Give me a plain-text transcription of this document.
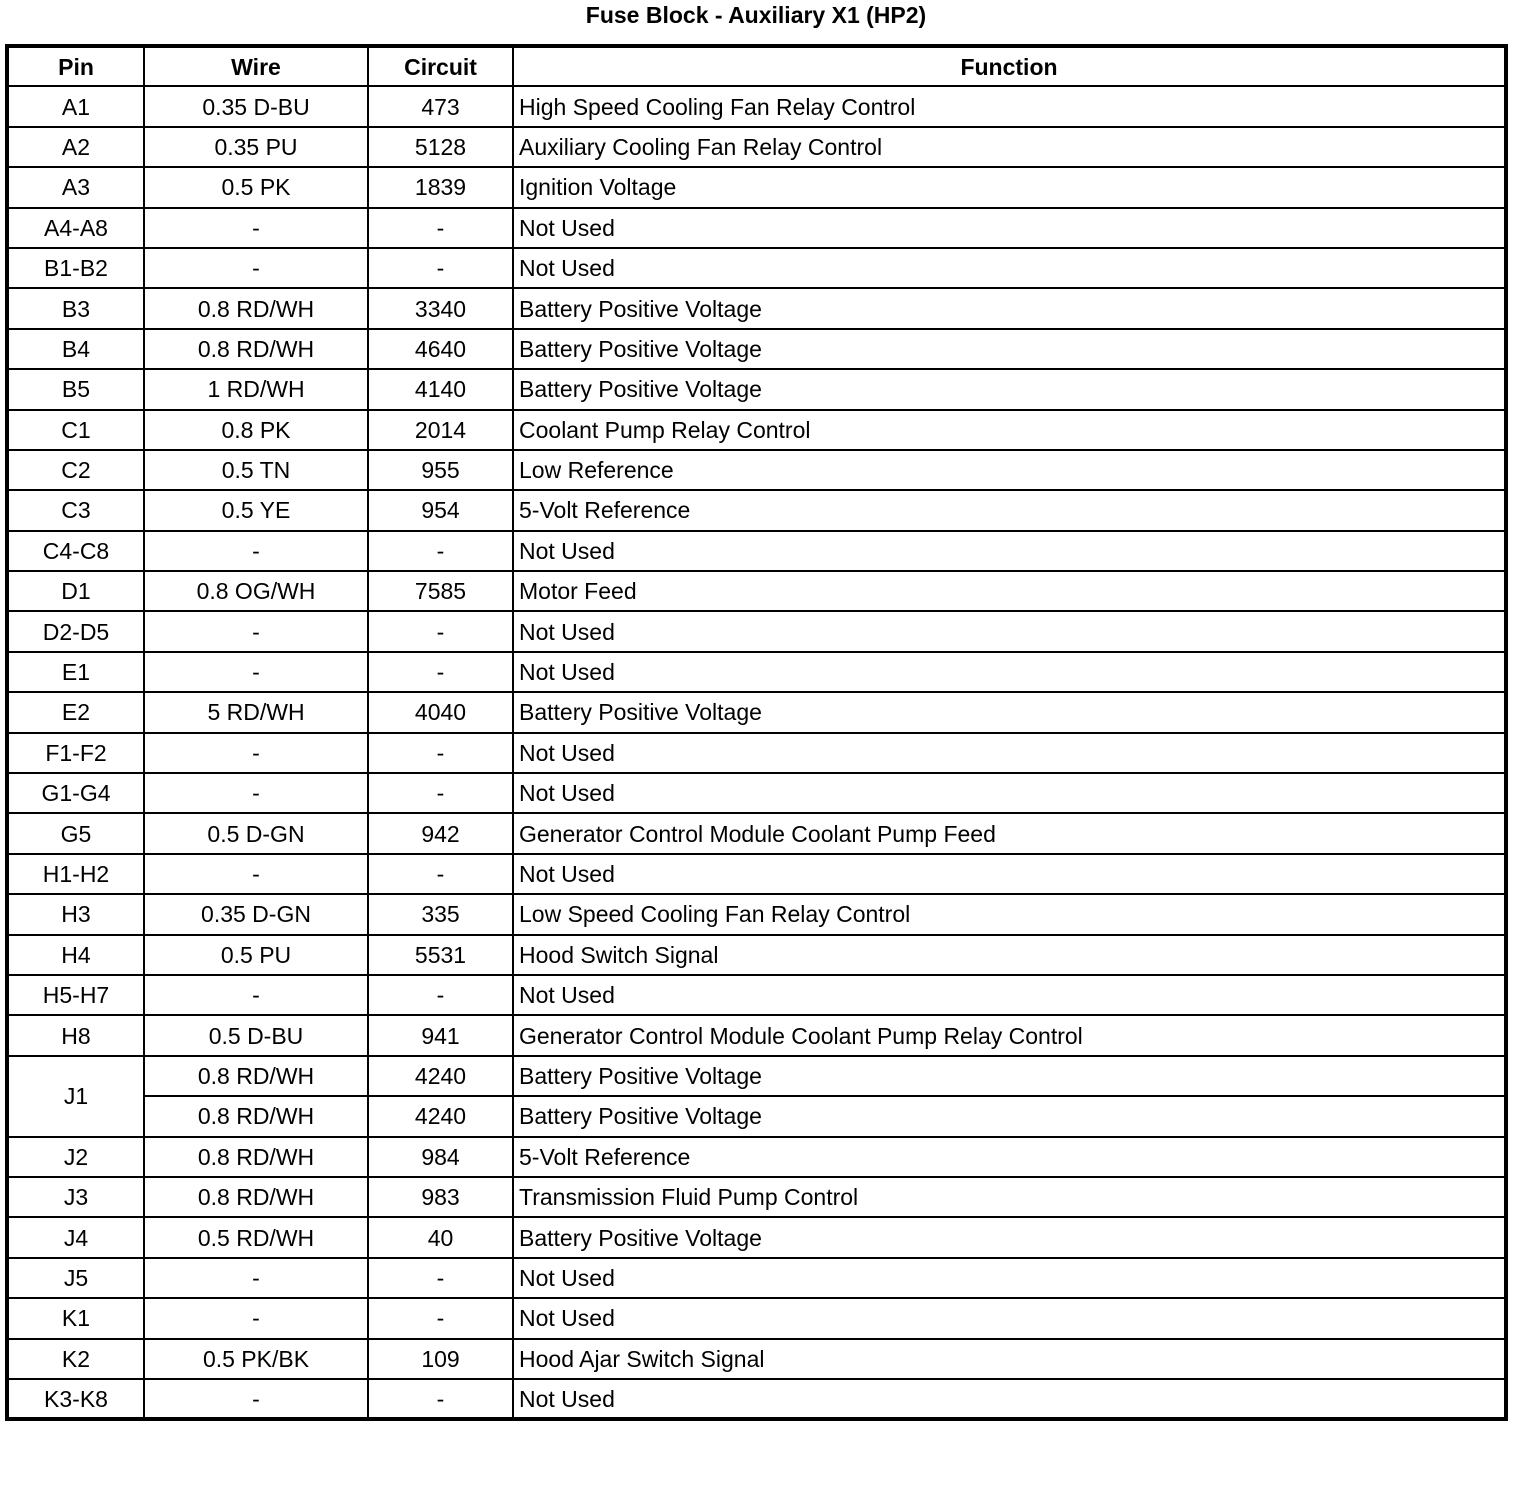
Fuse Block - Auxiliary X1 (HP2)
Pin	Wire	Circuit	Function
A1	0.35 D-BU	473	High Speed Cooling Fan Relay Control
A2	0.35 PU	5128	Auxiliary Cooling Fan Relay Control
A3	0.5 PK	1839	Ignition Voltage
A4-A8	-	-	Not Used
B1-B2	-	-	Not Used
B3	0.8 RD/WH	3340	Battery Positive Voltage
B4	0.8 RD/WH	4640	Battery Positive Voltage
B5	1 RD/WH	4140	Battery Positive Voltage
C1	0.8 PK	2014	Coolant Pump Relay Control
C2	0.5 TN	955	Low Reference
C3	0.5 YE	954	5-Volt Reference
C4-C8	-	-	Not Used
D1	0.8 OG/WH	7585	Motor Feed
D2-D5	-	-	Not Used
E1	-	-	Not Used
E2	5 RD/WH	4040	Battery Positive Voltage
F1-F2	-	-	Not Used
G1-G4	-	-	Not Used
G5	0.5 D-GN	942	Generator Control Module Coolant Pump Feed
H1-H2	-	-	Not Used
H3	0.35 D-GN	335	Low Speed Cooling Fan Relay Control
H4	0.5 PU	5531	Hood Switch Signal
H5-H7	-	-	Not Used
H8	0.5 D-BU	941	Generator Control Module Coolant Pump Relay Control
J1	0.8 RD/WH	4240	Battery Positive Voltage
	0.8 RD/WH	4240	Battery Positive Voltage
J2	0.8 RD/WH	984	5-Volt Reference
J3	0.8 RD/WH	983	Transmission Fluid Pump Control
J4	0.5 RD/WH	40	Battery Positive Voltage
J5	-	-	Not Used
K1	-	-	Not Used
K2	0.5 PK/BK	109	Hood Ajar Switch Signal
K3-K8	-	-	Not Used
